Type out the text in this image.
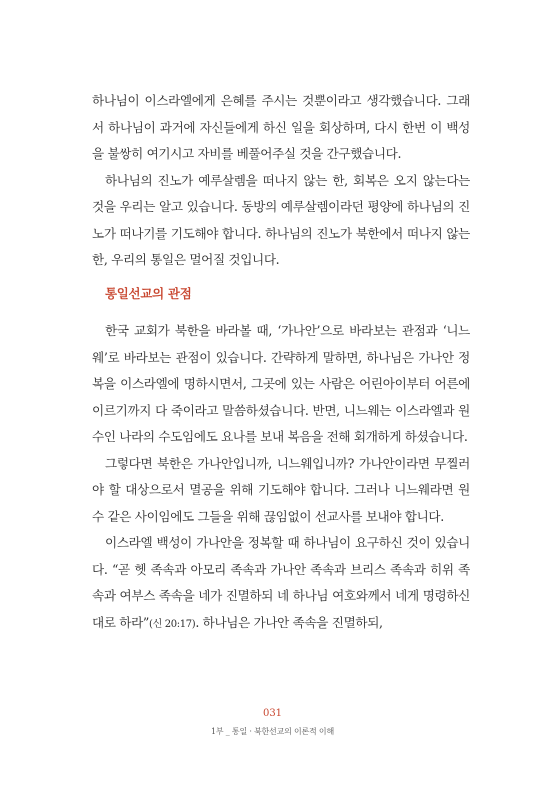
하나님이 이스라엘에게 은혜를 주시는 것뿐이라고 생각했습니다. 그래서 하나님이 과거에 자신들에게 하신 일을 회상하며, 다시 한번 이 백성을 불쌍히 여기시고 자비를 베풀어주실 것을 간구했습니다.

하나님의 진노가 예루살렘을 떠나지 않는 한, 회복은 오지 않는다는 것을 우리는 알고 있습니다. 동방의 예루살렘이라던 평양에 하나님의 진노가 떠나기를 기도해야 합니다. 하나님의 진노가 북한에서 떠나지 않는 한, 우리의 통일은 멀어질 것입니다.

통일선교의 관점

한국 교회가 북한을 바라볼 때, ‘가나안’으로 바라보는 관점과 ‘니느웨’로 바라보는 관점이 있습니다. 간략하게 말하면, 하나님은 가나안 정복을 이스라엘에 명하시면서, 그곳에 있는 사람은 어린아이부터 어른에 이르기까지 다 죽이라고 말씀하셨습니다. 반면, 니느웨는 이스라엘과 원수인 나라의 수도임에도 요나를 보내 복음을 전해 회개하게 하셨습니다.

그렇다면 북한은 가나안입니까, 니느웨입니까? 가나안이라면 무찔러야 할 대상으로서 멸공을 위해 기도해야 합니다. 그러나 니느웨라면 원수 같은 사이임에도 그들을 위해 끊임없이 선교사를 보내야 합니다.

이스라엘 백성이 가나안을 정복할 때 하나님이 요구하신 것이 있습니다. “곧 헷 족속과 아모리 족속과 가나안 족속과 브리스 족속과 히위 족속과 여부스 족속을 네가 진멸하되 네 하나님 여호와께서 네게 명령하신 대로 하라”(신 20:17). 하나님은 가나안 족속을 진멸하되,

031
1부 _ 통일 · 북한선교의 이론적 이해
